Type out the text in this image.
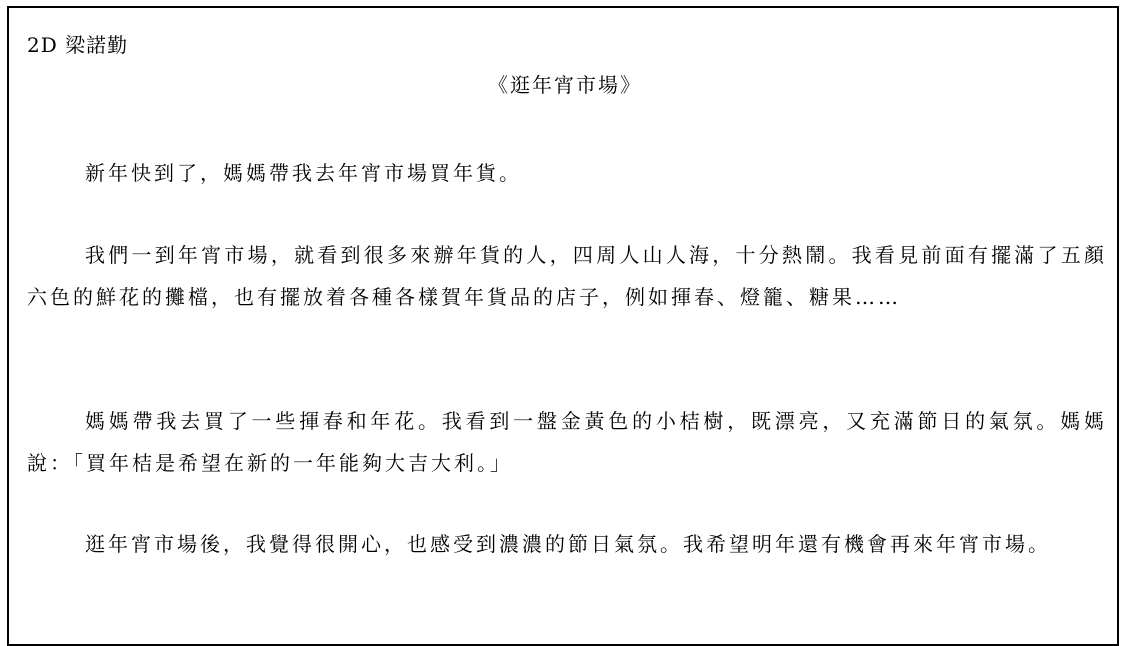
2D 梁諾勤
《逛年宵市場》

新年快到了，媽媽帶我去年宵市場買年貨。

我們一到年宵市場，就看到很多來辦年貨的人，四周人山人海，十分熱鬧。我看見前面有擺滿了五顏六色的鮮花的攤檔，也有擺放着各種各樣賀年貨品的店子，例如揮春、燈籠、糖果……

媽媽帶我去買了一些揮春和年花。我看到一盤金黃色的小桔樹，既漂亮，又充滿節日的氣氛。媽媽說：「買年桔是希望在新的一年能夠大吉大利。」

逛年宵市場後，我覺得很開心，也感受到濃濃的節日氣氛。我希望明年還有機會再來年宵市場。
